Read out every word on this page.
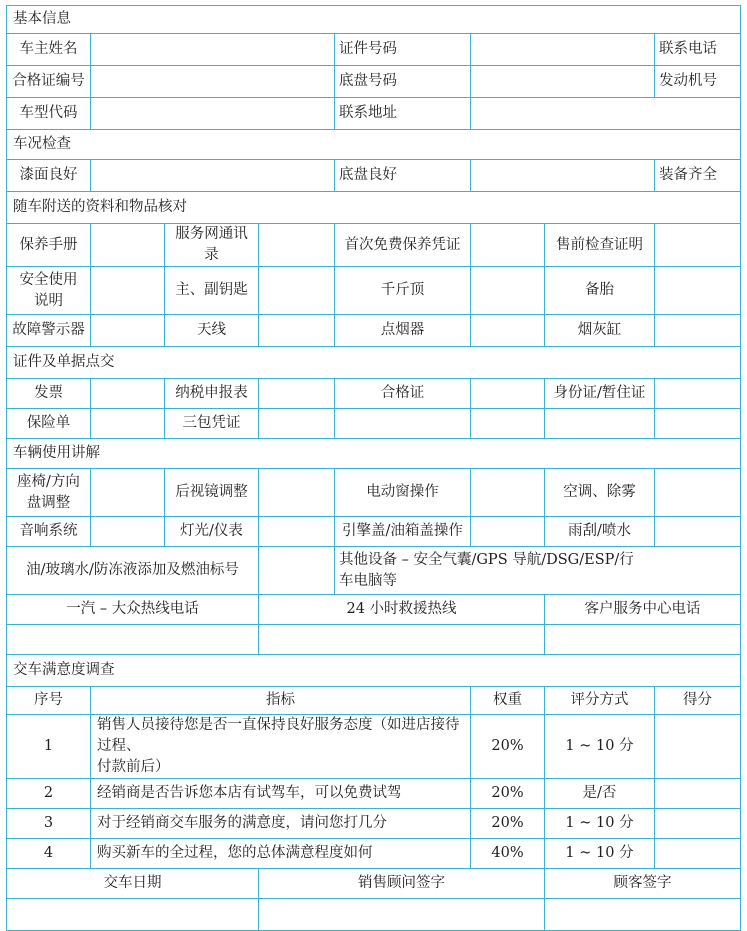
基本信息							
车主姓名				证件号码			联系电话
合格证编号				底盘号码			发动机号
车型代码				联系地址			
车况检查							
漆面良好				底盘良好			装备齐全
随车附送的资料和物品核对							
保养手册		服务网通讯录		首次免费保养凭证		售前检查证明	
安全使用
说明		主、副钥匙		千斤顶		备胎	
故障警示器		天线		点烟器		烟灰缸	
证件及单据点交							
发票		纳税申报表		合格证		身份证/暂住证	
保险单		三包凭证					
车辆使用讲解							
座椅/方向
盘调整		后视镜调整		电动窗操作		空调、除雾	
音响系统		灯光/仪表		引擎盖/油箱盖操作		雨刮/喷水	
油/玻璃水/防冻液添加及燃油标号				其他设备 – 安全气囊/GPS 导航/DSG/ESP/行
车电脑等			
一汽 – 大众热线电话			24 小时救援热线			客户服务中心电话	

交车满意度调查							
序号	指标				权重	评分方式	得分
1	销售人员接待您是否一直保持良好服务态度（如进店接待过程、
付款前后）				20%	1 ~ 10 分	
2	经销商是否告诉您本店有试驾车，可以免费试驾				20%	是/否	
3	对于经销商交车服务的满意度，请问您打几分				20%	1 ~ 10 分	
4	购买新车的全过程，您的总体满意程度如何				40%	1 ~ 10 分	
交车日期			销售顾问签字			顾客签字	
